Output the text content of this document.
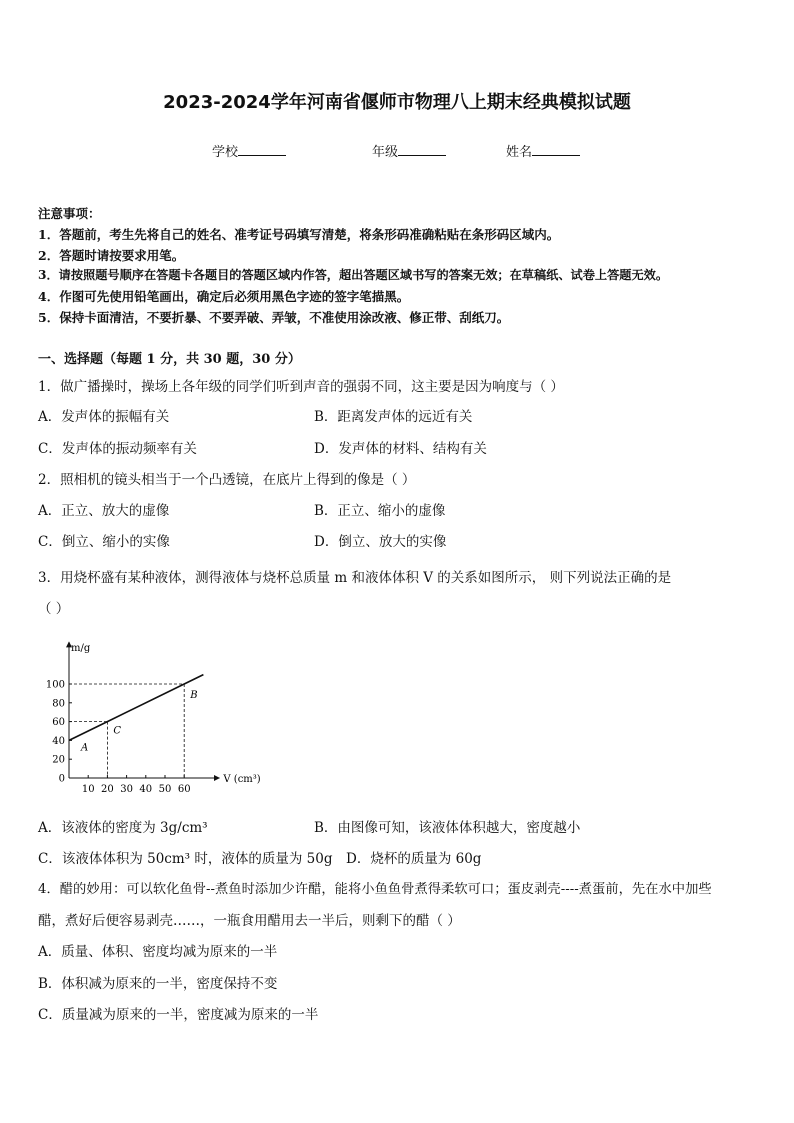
2023-2024学年河南省偃师市物理八上期末经典模拟试题
学校	年级	姓名
注意事项：
1．答题前，考生先将自己的姓名、准考证号码填写清楚，将条形码准确粘贴在条形码区域内。
2．答题时请按要求用笔。
3．请按照题号顺序在答题卡各题目的答题区域内作答，超出答题区域书写的答案无效；在草稿纸、试卷上答题无效。
4．作图可先使用铅笔画出，确定后必须用黑色字迹的签字笔描黑。
5．保持卡面清洁，不要折暴、不要弄破、弄皱，不准使用涂改液、修正带、刮纸刀。
一、选择题（每题 1 分，共 30 题，30 分）
1．做广播操时，操场上各年级的同学们听到声音的强弱不同，这主要是因为响度与（ ）
A．发声体的振幅有关	B．距离发声体的远近有关
C．发声体的振动频率有关	D．发声体的材料、结构有关
2．照相机的镜头相当于一个凸透镜，在底片上得到的像是（ ）
A．正立、放大的虚像	B．正立、缩小的虚像
C．倒立、缩小的实像	D．倒立、放大的实像
3．用烧杯盛有某种液体，测得液体与烧杯总质量 m 和液体体积 V 的关系如图所示， 则下列说法正确的是
（ ）
m/g
V (cm³)
10 20 30 40 50 60
0
20
40
60
80
100
A
C
B
A．该液体的密度为 3g/cm³	B．由图像可知，该液体体积越大，密度越小
C．该液体体积为 50cm³ 时，液体的质量为 50g D．烧杯的质量为 60g
4．醋的妙用：可以软化鱼骨--煮鱼时添加少许醋，能将小鱼鱼骨煮得柔软可口；蛋皮剥壳----煮蛋前，先在水中加些
醋，煮好后便容易剥壳……，一瓶食用醋用去一半后，则剩下的醋（ ）
A．质量、体积、密度均减为原来的一半
B．体积减为原来的一半，密度保持不变
C．质量减为原来的一半，密度减为原来的一半
